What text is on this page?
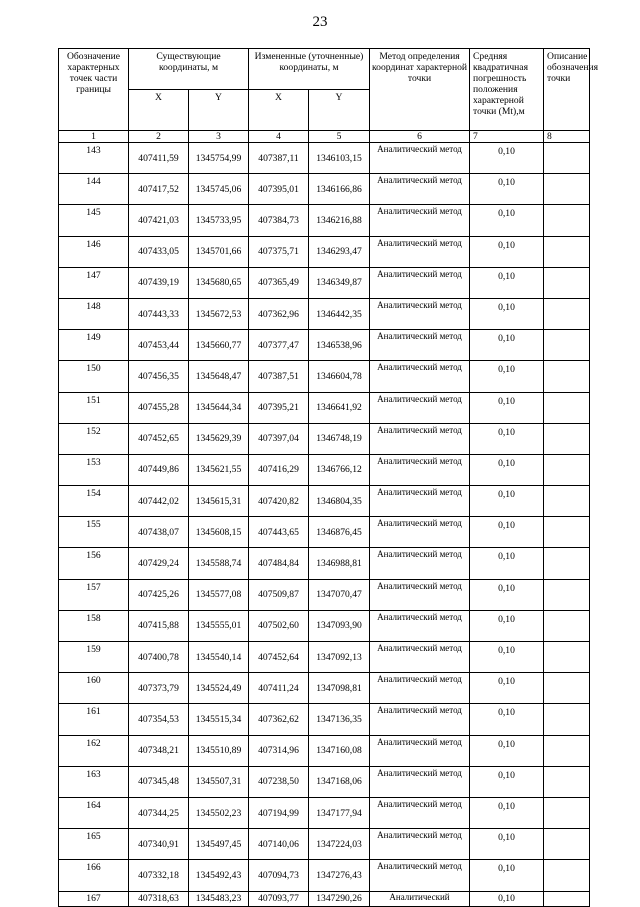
23
Обозначение характерных точек части границы	Существующие координаты, м		Измененные (уточненные) координаты, м		Метод определения координат характерной точки	Средняя квадратичная погрешность положения характерной точки (Mt),м	Описание обозначения точки
	X	Y	X	Y			
1	2	3	4	5	6	7	8
143	407411,59	1345754,99	407387,11	1346103,15	Аналитический метод	0,10	
144	407417,52	1345745,06	407395,01	1346166,86	Аналитический метод	0,10	
145	407421,03	1345733,95	407384,73	1346216,88	Аналитический метод	0,10	
146	407433,05	1345701,66	407375,71	1346293,47	Аналитический метод	0,10	
147	407439,19	1345680,65	407365,49	1346349,87	Аналитический метод	0,10	
148	407443,33	1345672,53	407362,96	1346442,35	Аналитический метод	0,10	
149	407453,44	1345660,77	407377,47	1346538,96	Аналитический метод	0,10	
150	407456,35	1345648,47	407387,51	1346604,78	Аналитический метод	0,10	
151	407455,28	1345644,34	407395,21	1346641,92	Аналитический метод	0,10	
152	407452,65	1345629,39	407397,04	1346748,19	Аналитический метод	0,10	
153	407449,86	1345621,55	407416,29	1346766,12	Аналитический метод	0,10	
154	407442,02	1345615,31	407420,82	1346804,35	Аналитический метод	0,10	
155	407438,07	1345608,15	407443,65	1346876,45	Аналитический метод	0,10	
156	407429,24	1345588,74	407484,84	1346988,81	Аналитический метод	0,10	
157	407425,26	1345577,08	407509,87	1347070,47	Аналитический метод	0,10	
158	407415,88	1345555,01	407502,60	1347093,90	Аналитический метод	0,10	
159	407400,78	1345540,14	407452,64	1347092,13	Аналитический метод	0,10	
160	407373,79	1345524,49	407411,24	1347098,81	Аналитический метод	0,10	
161	407354,53	1345515,34	407362,62	1347136,35	Аналитический метод	0,10	
162	407348,21	1345510,89	407314,96	1347160,08	Аналитический метод	0,10	
163	407345,48	1345507,31	407238,50	1347168,06	Аналитический метод	0,10	
164	407344,25	1345502,23	407194,99	1347177,94	Аналитический метод	0,10	
165	407340,91	1345497,45	407140,06	1347224,03	Аналитический метод	0,10	
166	407332,18	1345492,43	407094,73	1347276,43	Аналитический метод	0,10	
167	407318,63	1345483,23	407093,77	1347290,26	Аналитический	0,10	
